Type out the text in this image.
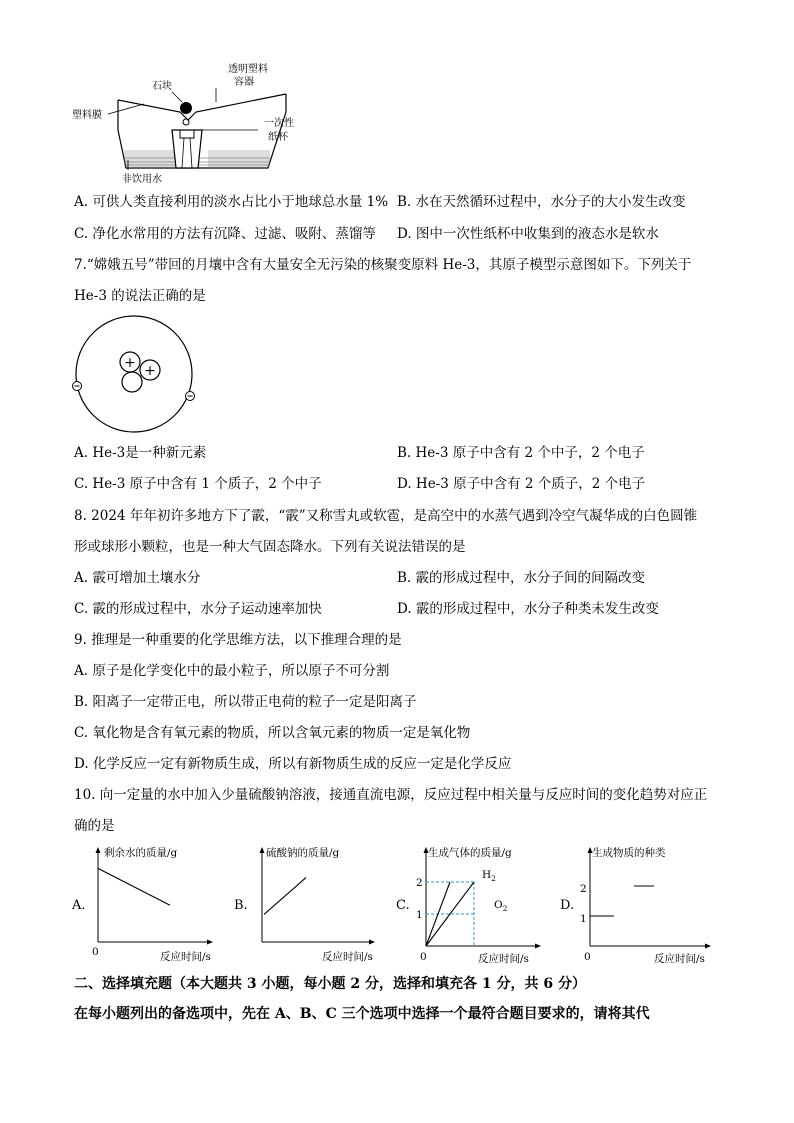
透明塑料
容器
石块
塑料膜
一次性
纸杯
非饮用水
A. 可供人类直接利用的淡水占比小于地球总水量 1% B. 水在天然循环过程中，水分子的大小发生改变
C. 净化水常用的方法有沉降、过滤、吸附、蒸馏等 D. 图中一次性纸杯中收集到的液态水是软水
7.“嫦娥五号”带回的月壤中含有大量安全无污染的核聚变原料 He-3，其原子模型示意图如下。下列关于
He-3 的说法正确的是
+ +
A. He-3是一种新元素	B. He-3 原子中含有 2 个中子，2 个电子
C. He-3 原子中含有 1 个质子，2 个中子	D. He-3 原子中含有 2 个质子，2 个电子
8. 2024 年年初许多地方下了霰，“霰”又称雪丸或软雹，是高空中的水蒸气遇到冷空气凝华成的白色圆锥
形或球形小颗粒，也是一种大气固态降水。下列有关说法错误的是
A. 霰可增加土壤水分	B. 霰的形成过程中，水分子间的间隔改变
C. 霰的形成过程中，水分子运动速率加快	D. 霰的形成过程中，水分子种类未发生改变
9. 推理是一种重要的化学思维方法，以下推理合理的是
A. 原子是化学变化中的最小粒子，所以原子不可分割
B. 阳离子一定带正电，所以带正电荷的粒子一定是阳离子
C. 氧化物是含有氧元素的物质，所以含氧元素的物质一定是氧化物
D. 化学反应一定有新物质生成，所以有新物质生成的反应一定是化学反应
10. 向一定量的水中加入少量硫酸钠溶液，接通直流电源，反应过程中相关量与反应时间的变化趋势对应正
确的是
剩余水的质量/g
反应时间/s
0
A.
硫酸钠的质量/g
反应时间/s
B.
生成气体的质量/g
反应时间/s
0
1
2
C.
$H_2$
$O_2$
生成物质的种类
反应时间/s
0
1
2
D.
二、选择填充题（本大题共 3 小题，每小题 2 分，选择和填充各 1 分，共 6 分）
在每小题列出的备选项中，先在 A、B、C 三个选项中选择一个最符合题目要求的，请将其代
